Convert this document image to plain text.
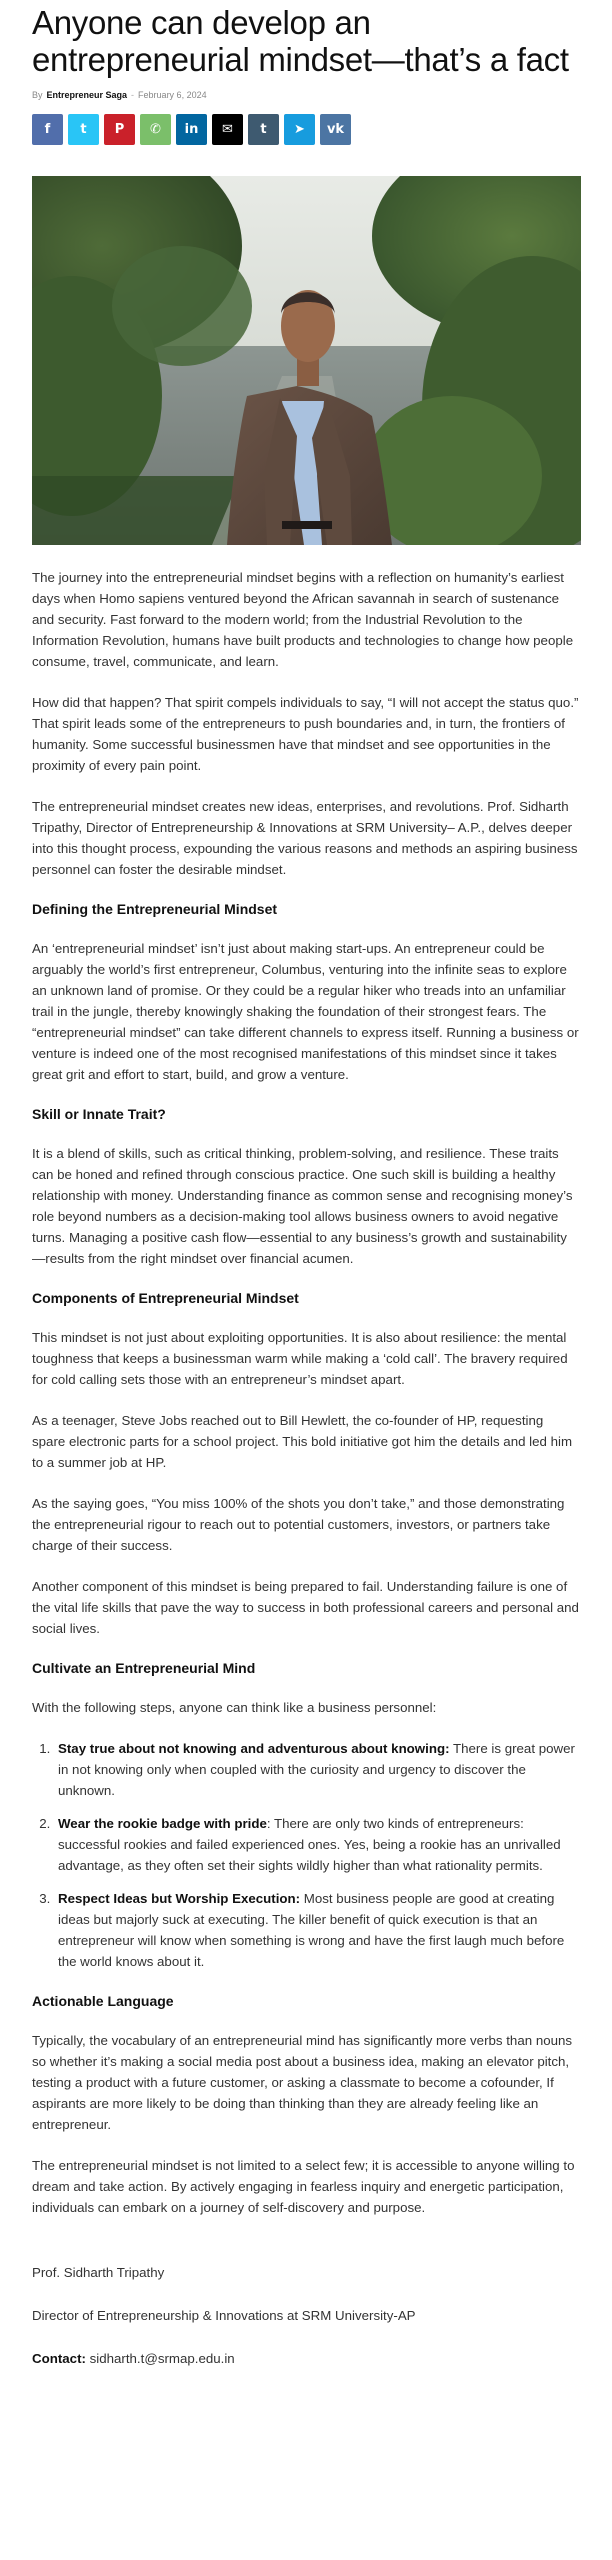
Anyone can develop an entrepreneurial mindset—that’s a fact
By Entrepreneur Saga - February 6, 2024
f t P ✆ in ✉ t ➤ vk

The journey into the entrepreneurial mindset begins with a reflection on humanity’s earliest days when Homo sapiens ventured beyond the African savannah in search of sustenance and security. Fast forward to the modern world; from the Industrial Revolution to the Information Revolution, humans have built products and technologies to change how people consume, travel, communicate, and learn.

How did that happen? That spirit compels individuals to say, “I will not accept the status quo.” That spirit leads some of the entrepreneurs to push boundaries and, in turn, the frontiers of humanity. Some successful businessmen have that mindset and see opportunities in the proximity of every pain point.

The entrepreneurial mindset creates new ideas, enterprises, and revolutions. Prof. Sidharth Tripathy, Director of Entrepreneurship & Innovations at SRM University– A.P., delves deeper into this thought process, expounding the various reasons and methods an aspiring business personnel can foster the desirable mindset.

Defining the Entrepreneurial Mindset

An ‘entrepreneurial mindset’ isn’t just about making start-ups. An entrepreneur could be arguably the world’s first entrepreneur, Columbus, venturing into the infinite seas to explore an unknown land of promise. Or they could be a regular hiker who treads into an unfamiliar trail in the jungle, thereby knowingly shaking the foundation of their strongest fears. The “entrepreneurial mindset” can take different channels to express itself. Running a business or venture is indeed one of the most recognised manifestations of this mindset since it takes great grit and effort to start, build, and grow a venture.

Skill or Innate Trait?

It is a blend of skills, such as critical thinking, problem-solving, and resilience. These traits can be honed and refined through conscious practice. One such skill is building a healthy relationship with money. Understanding finance as common sense and recognising money’s role beyond numbers as a decision-making tool allows business owners to avoid negative turns. Managing a positive cash flow—essential to any business’s growth and sustainability—results from the right mindset over financial acumen.

Components of Entrepreneurial Mindset

This mindset is not just about exploiting opportunities. It is also about resilience: the mental toughness that keeps a businessman warm while making a ‘cold call’. The bravery required for cold calling sets those with an entrepreneur’s mindset apart.

As a teenager, Steve Jobs reached out to Bill Hewlett, the co-founder of HP, requesting spare electronic parts for a school project. This bold initiative got him the details and led him to a summer job at HP.

As the saying goes, “You miss 100% of the shots you don’t take,” and those demonstrating the entrepreneurial rigour to reach out to potential customers, investors, or partners take charge of their success.

Another component of this mindset is being prepared to fail. Understanding failure is one of the vital life skills that pave the way to success in both professional careers and personal and social lives.

Cultivate an Entrepreneurial Mind

With the following steps, anyone can think like a business personnel:

1. Stay true about not knowing and adventurous about knowing: There is great power in not knowing only when coupled with the curiosity and urgency to discover the unknown.
2. Wear the rookie badge with pride: There are only two kinds of entrepreneurs: successful rookies and failed experienced ones. Yes, being a rookie has an unrivalled advantage, as they often set their sights wildly higher than what rationality permits.
3. Respect Ideas but Worship Execution: Most business people are good at creating ideas but majorly suck at executing. The killer benefit of quick execution is that an entrepreneur will know when something is wrong and have the first laugh much before the world knows about it.
Actionable Language

Typically, the vocabulary of an entrepreneurial mind has significantly more verbs than nouns so whether it’s making a social media post about a business idea, making an elevator pitch, testing a product with a future customer, or asking a classmate to become a cofounder, If aspirants are more likely to be doing than thinking than they are already feeling like an entrepreneur.

The entrepreneurial mindset is not limited to a select few; it is accessible to anyone willing to dream and take action. By actively engaging in fearless inquiry and energetic participation, individuals can embark on a journey of self-discovery and purpose.

Prof. Sidharth Tripathy

Director of Entrepreneurship & Innovations at SRM University-AP

Contact: sidharth.t@srmap.edu.in
